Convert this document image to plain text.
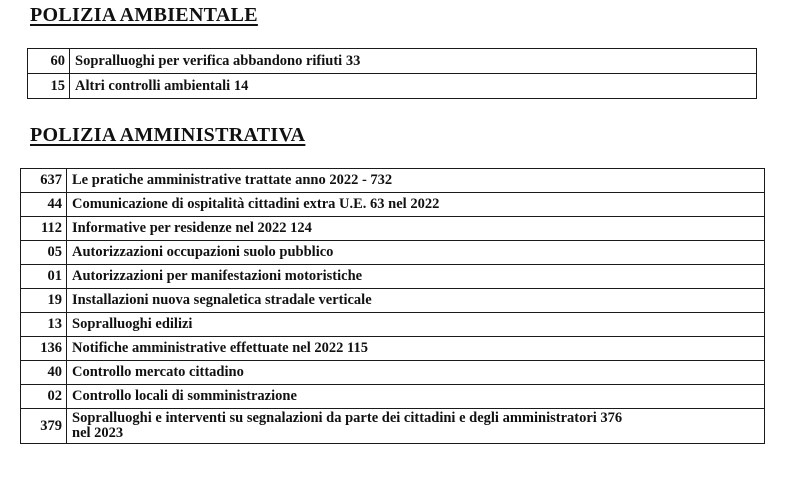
POLIZIA AMBIENTALE
60	Sopralluoghi per verifica abbandono rifiuti 33
15	Altri controlli ambientali 14
POLIZIA AMMINISTRATIVA
637	Le pratiche amministrative trattate anno 2022 - 732
44	Comunicazione di ospitalità cittadini extra U.E. 63 nel 2022
112	Informative per residenze nel 2022 124
05	Autorizzazioni occupazioni suolo pubblico
01	Autorizzazioni per manifestazioni motoristiche
19	Installazioni nuova segnaletica stradale verticale
13	Sopralluoghi edilizi
136	Notifiche amministrative effettuate nel 2022 115
40	Controllo mercato cittadino
02	Controllo locali di somministrazione
379	Sopralluoghi e interventi su segnalazioni da parte dei cittadini e degli amministratori 376
nel 2023
